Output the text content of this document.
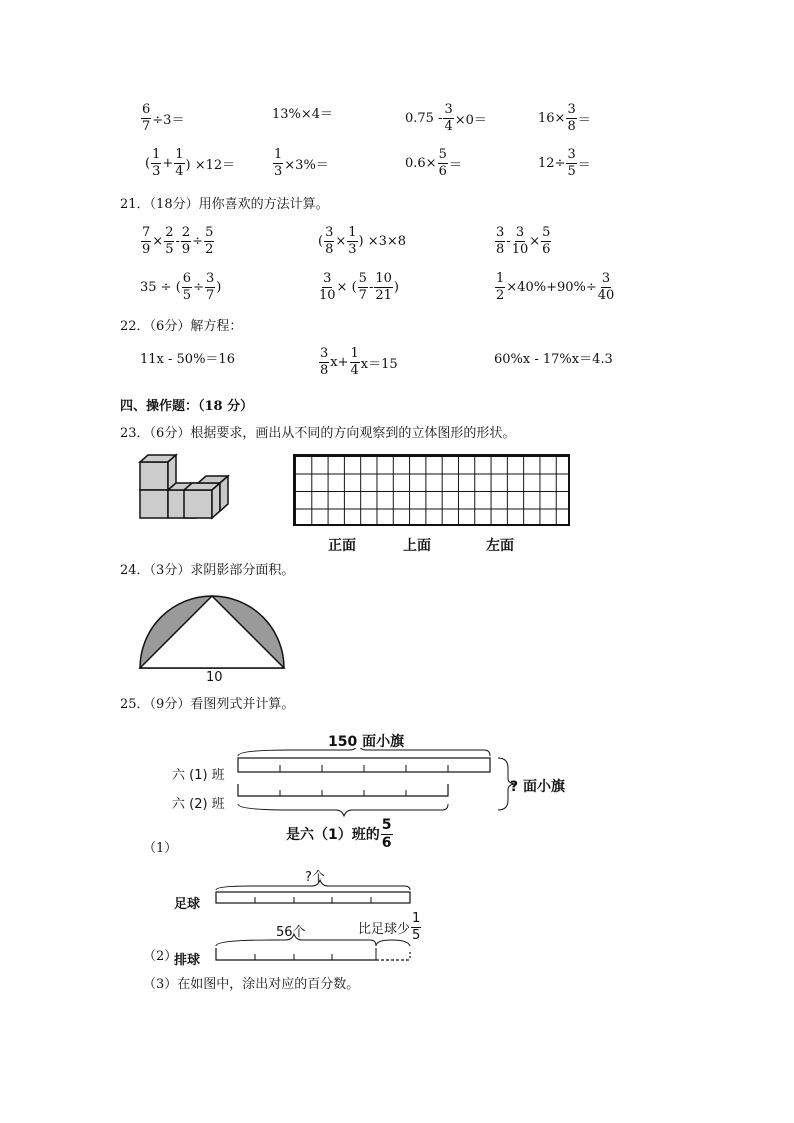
$\frac{6}{7} \div 3=$	13%×4＝	$0.75 - \frac{3}{4} \times 0=$	$16\times \frac{3}{8}$ ＝
( $\frac{1}{3} + \frac{1}{4}$ ) ×12＝	$\frac{1}{3} \times 3\%=$	$0.6\times \frac{5}{6}$ ＝	$12\div \frac{3}{5}$ ＝
21．（18分）用你喜欢的方法计算。
$\frac{7}{9} \times \frac{2}{5} - \frac{2}{9} \div \frac{5}{2}$	( $\frac{3}{8} \times \frac{1}{3}$ ) ×3×8	$\frac{3}{8} - \frac{3}{10} \times \frac{5}{6}$
35 ÷ ( $\frac{6}{5} \div \frac{3}{7}$ )	$\frac{3}{10}$ × ( $\frac{5}{7} - \frac{10}{21}$ )	$\frac{1}{2} \times 40\%+90\%\div \frac{3}{40}$
22．（6分）解方程：
11x - 50%＝16	$\frac{3}{8} x+ \frac{1}{4} x=15$	60%x - 17%x＝4.3
四、操作题：（18 分）
23．（6分）根据要求，画出从不同的方向观察到的立体图形的形状。
正面	上面	左面
24．（3分）求阴影部分面积。
10
25．（9分）看图列式并计算。
150 面小旗
六 (1) 班
六 (2) 班
? 面小旗
是六（1）班的 $\frac{5}{6}$
（1）
?个
足球
56个	比足球少 $\frac{1}{5}$
（2）
排球
（3）在如图中，涂出对应的百分数。
